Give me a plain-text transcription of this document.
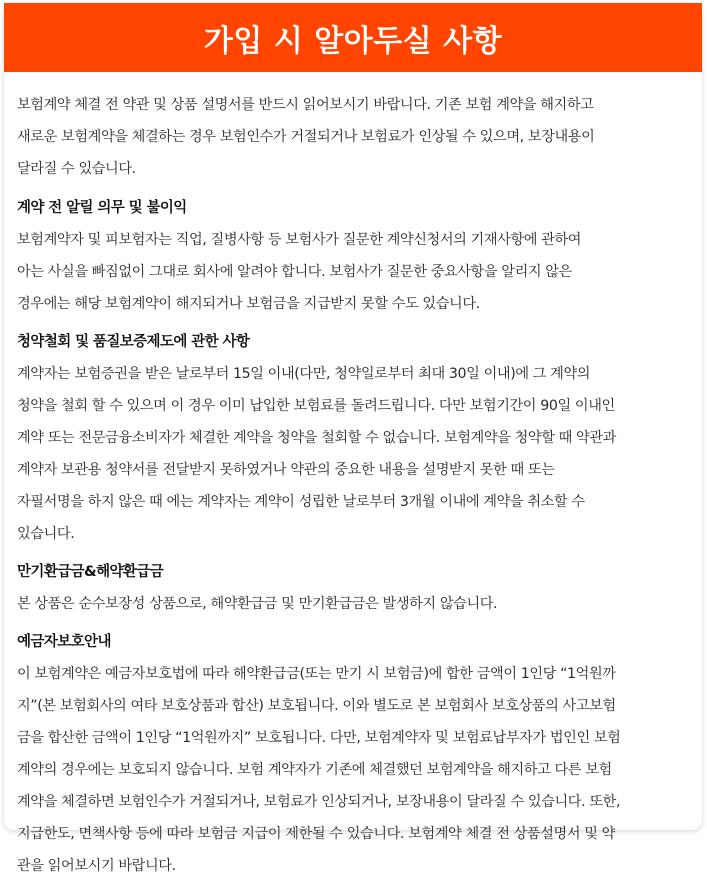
가입 시 알아두실 사항

보험계약 체결 전 약관 및 상품 설명서를 반드시 읽어보시기 바랍니다. 기존 보험 계약을 해지하고
새로운 보험계약을 체결하는 경우 보험인수가 거절되거나 보험료가 인상될 수 있으며, 보장내용이
달라질 수 있습니다.

계약 전 알릴 의무 및 불이익

보험계약자 및 피보험자는 직업, 질병사항 등 보험사가 질문한 계약신청서의 기재사항에 관하여
아는 사실을 빠짐없이 그대로 회사에 알려야 합니다. 보험사가 질문한 중요사항을 알리지 않은
경우에는 해당 보험계약이 해지되거나 보험금을 지급받지 못할 수도 있습니다.

청약철회 및 품질보증제도에 관한 사항

계약자는 보험증권을 받은 날로부터 15일 이내(다만, 청약일로부터 최대 30일 이내)에 그 계약의
청약을 철회 할 수 있으며 이 경우 이미 납입한 보험료를 돌려드립니다. 다만 보험기간이 90일 이내인
계약 또는 전문금융소비자가 체결한 계약을 청약을 철회할 수 없습니다. 보험계약을 청약할 때 약관과
계약자 보관용 청약서를 전달받지 못하였거나 약관의 중요한 내용을 설명받지 못한 때 또는
자필서명을 하지 않은 때 에는 계약자는 계약이 성립한 날로부터 3개월 이내에 계약을 취소할 수
있습니다.

만기환급금&해약환급금

본 상품은 순수보장성 상품으로, 해약환급금 및 만기환급금은 발생하지 않습니다.

예금자보호안내

이 보험계약은 예금자보호법에 따라 해약환급금(또는 만기 시 보험금)에 합한 금액이 1인당 “1억원까
지”(본 보험회사의 여타 보호상품과 합산) 보호됩니다. 이와 별도로 본 보험회사 보호상품의 사고보험
금을 합산한 금액이 1인당 “1억원까지” 보호됩니다. 다만, 보험계약자 및 보험료납부자가 법인인 보험
계약의 경우에는 보호되지 않습니다. 보험 계약자가 기존에 체결했던 보험계약을 해지하고 다른 보험
계약을 체결하면 보험인수가 거절되거나, 보험료가 인상되거나, 보장내용이 달라질 수 있습니다. 또한,
지급한도, 면책사항 등에 따라 보험금 지급이 제한될 수 있습니다. 보험계약 체결 전 상품설명서 및 약
관을 읽어보시기 바랍니다.
